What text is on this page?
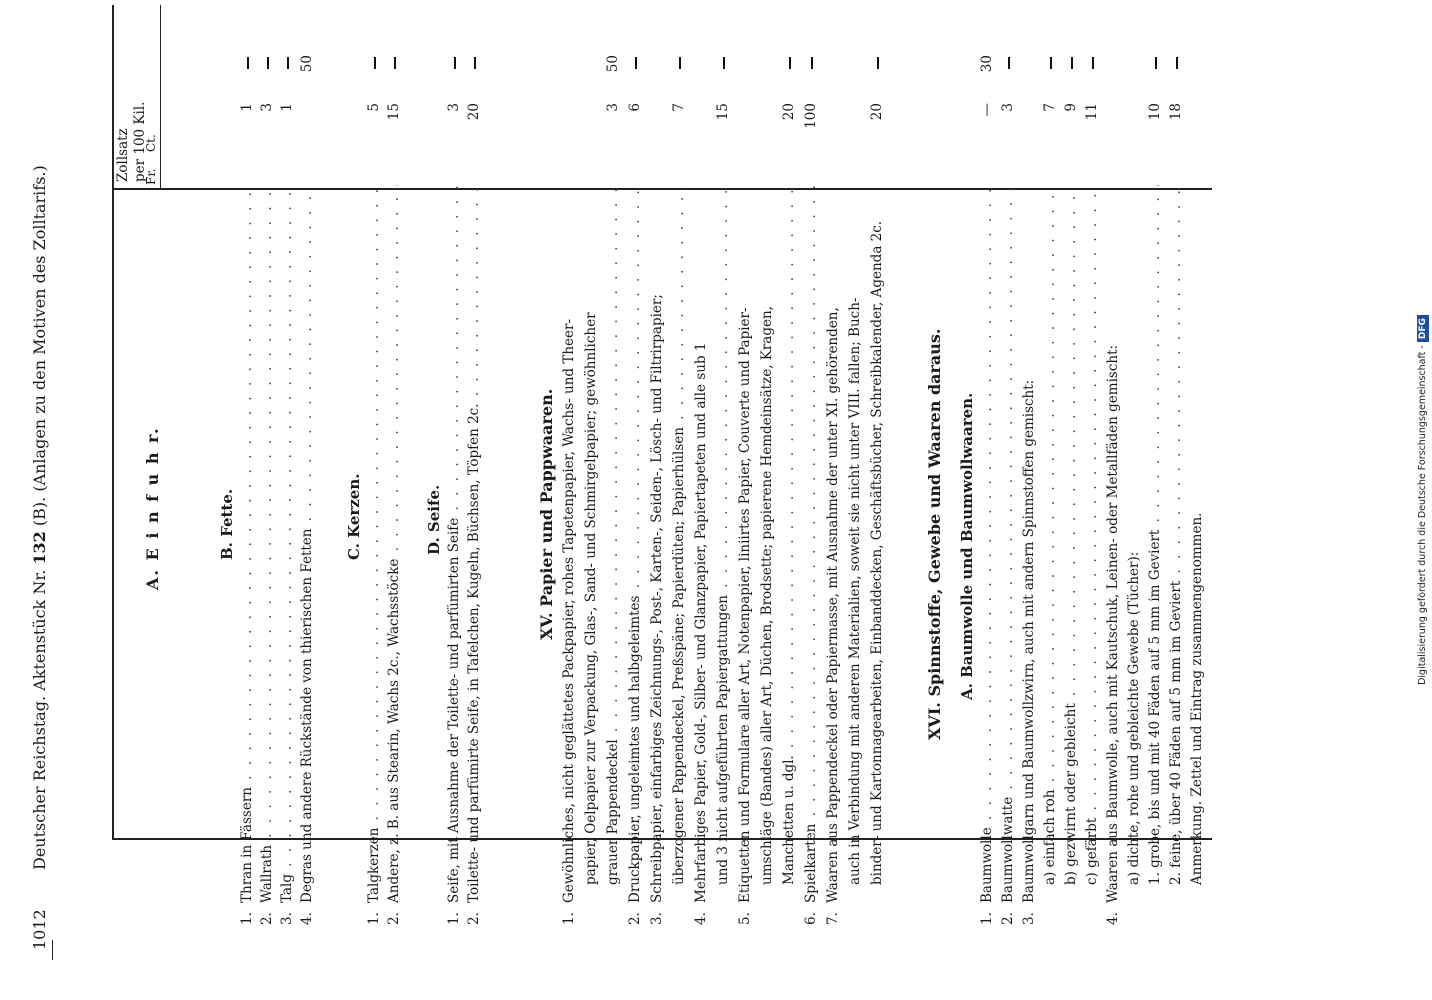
1012
Deutscher Reichstag. Aktenstück Nr. 132 (B). (Anlagen zu den Motiven des Zolltarifs.)
Zollsatz per 100 Kil.
Fr.
Ct.
A. E i n f u h r.	B. Fette.
1.
Thran in Fässern . . .
1
2.
Wallrath . . .
3
3.
Talg . . .
1
4.
Degras und andere Rückstände von thierischen Fetten . . .
50
C. Kerzen.
1.
Talgkerzen . . .
5
2.
Andere, z. B. aus Stearin, Wachs 2c., Wachsstöcke . . .
15
D. Seife.
1.
Seife, mit Ausnahme der Toilette- und parfümirten Seife . . .
3
2.
Toilette- und parfümirte Seife, in Tafelchen, Kugeln, Büchsen, Töpfen 2c. . . .
20
XV. Papier und Pappwaaren.
1.
Gewöhnliches, nicht geglättetes Packpapier, rohes Tapetenpapier, Wachs- und Theer- papier, Oelpapier zur Verpackung, Glas-, Sand- und Schmirgelpapier; gewöhnlicher grauer Pappendeckel . . .
3
50
2.
Druckpapier, ungeleimtes und halbgeleimtes . . .
6
3.
Schreibpapier, einfarbiges Zeichnungs-, Post-, Karten-, Seiden-, Lösch- und Filtrirpapier; überzogener Pappendeckel, Preßspäne; Papierdüten; Papierhülsen . . .
7
4.
Mehrfarbiges Papier, Gold-, Silber- und Glanzpapier, Papiertapeten und alle sub 1 und 3 nicht aufgeführten Papiergattungen . . .
15
5.
Etiquetten und Formulare aller Art, Notenpapier, liniirtes Papier, Couverte und Papier- umschläge (Bandes) aller Art, Düchen, Brodsette; papierene Hemdeinsätze, Kragen, Manchetten u. dgl. . . .
20
6.
Spielkarten . . .
100
7.
Waaren aus Pappendeckel oder Papiermasse, mit Ausnahme der unter XI. gehörenden, auch in Verbindung mit anderen Materialien, soweit sie nicht unter VIII. fallen; Buch- binder- und Kartonnagearbeiten, Einbanddecken, Geschäftsbücher, Schreibkalender, Agenda 2c.
20
XVI. Spinnstoffe, Gewebe und Waaren daraus. A. Baumwolle und Baumwollwaaren.
1.
Baumwolle . . .
—
30
2.
Baumwollwatte . . .
3
3.
Baumwollgarn und Baumwollzwirn, auch mit andern Spinnstoffen gemischt: a) einfach roh . . .
7
b) gezwirnt oder gebleicht . . .
9
c) gefärbt . . .
11
4.
Waaren aus Baumwolle, auch mit Kautschuk, Leinen- oder Metallfäden gemischt: a) dichte, rohe und gebleichte Gewebe (Tücher): 1. grobe, bis und mit 40 Fäden auf 5 mm im Geviert . . .
10
2. feine, über 40 Fäden auf 5 mm im Geviert . . .
18
Anmerkung. Zettel und Eintrag zusammengenommen.	Digitalisierung gefördert durch die Deutsche Forschungsgemeinschaft - DFG
